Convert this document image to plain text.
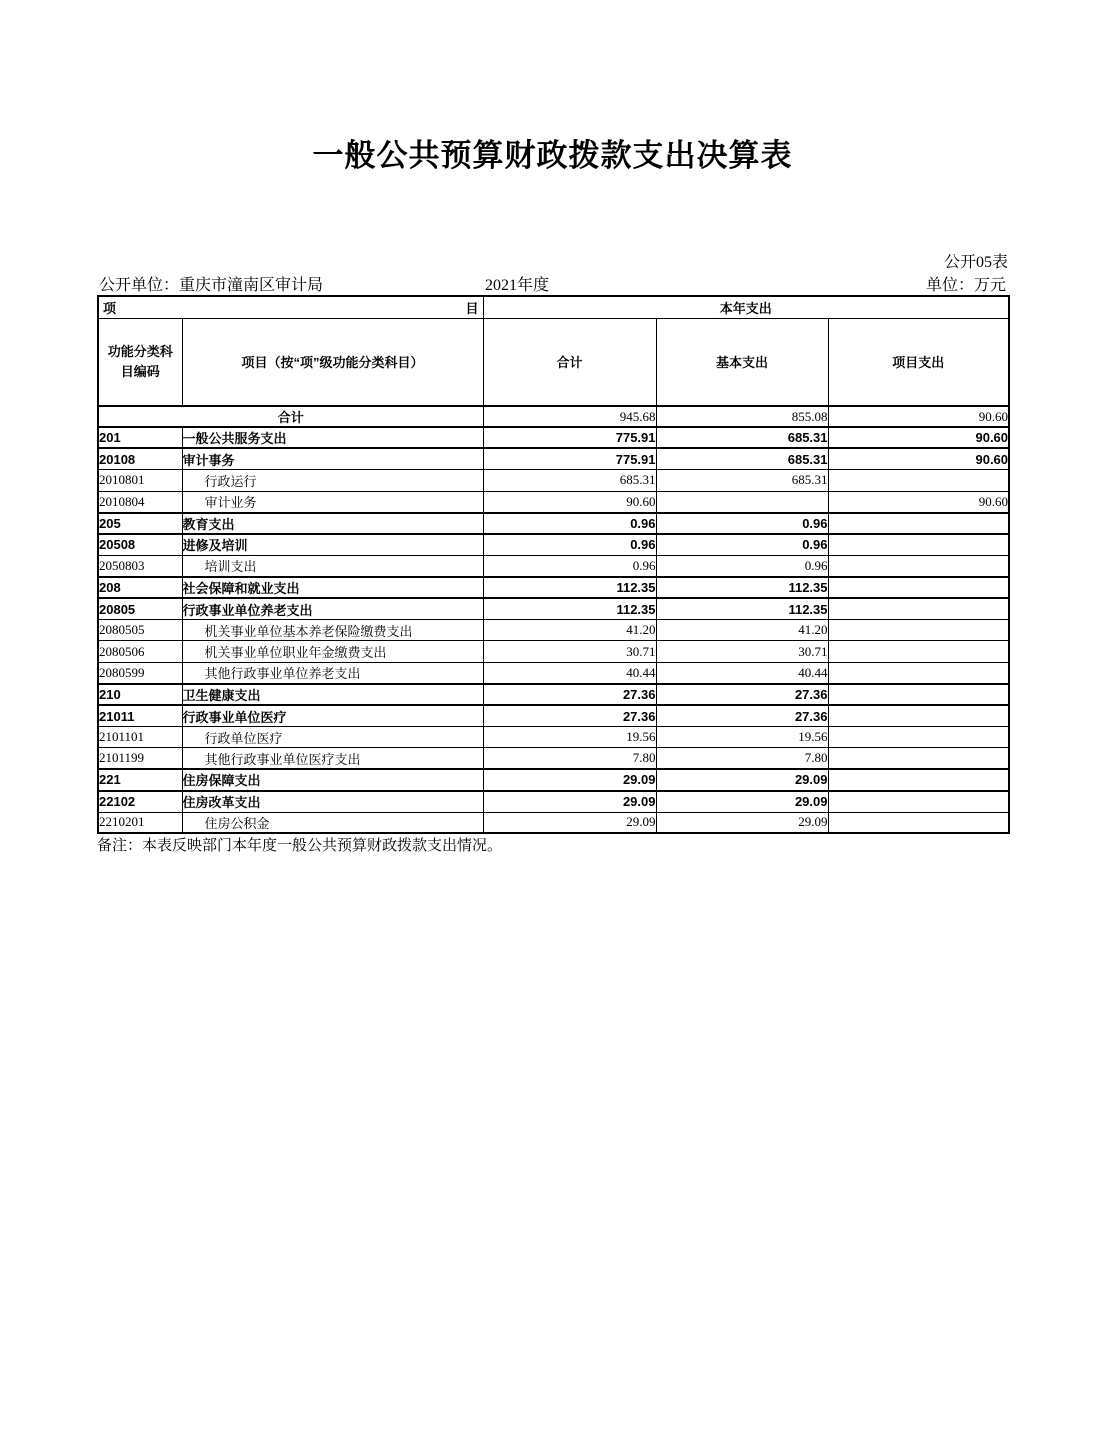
一般公共预算财政拨款支出决算表
公开05表
公开单位：重庆市潼南区审计局	2021年度	单位：万元
项 目		本年支出		

功能分类科目编码	项目（按“项”级功能分类科目）	合计	基本支出	项目支出
合计		945.68	855.08	90.60
201	一般公共服务支出	775.91	685.31	90.60
20108	审计事务	775.91	685.31	90.60
2010801	行政运行	685.31	685.31	
2010804	审计业务	90.60		90.60
205	教育支出	0.96	0.96	
20508	进修及培训	0.96	0.96	
2050803	培训支出	0.96	0.96	
208	社会保障和就业支出	112.35	112.35	
20805	行政事业单位养老支出	112.35	112.35	
2080505	机关事业单位基本养老保险缴费支出	41.20	41.20	
2080506	机关事业单位职业年金缴费支出	30.71	30.71	
2080599	其他行政事业单位养老支出	40.44	40.44	
210	卫生健康支出	27.36	27.36	
21011	行政事业单位医疗	27.36	27.36	
2101101	行政单位医疗	19.56	19.56	
2101199	其他行政事业单位医疗支出	7.80	7.80	
221	住房保障支出	29.09	29.09	
22102	住房改革支出	29.09	29.09	
2210201	住房公积金	29.09	29.09	
备注：本表反映部门本年度一般公共预算财政拨款支出情况。
